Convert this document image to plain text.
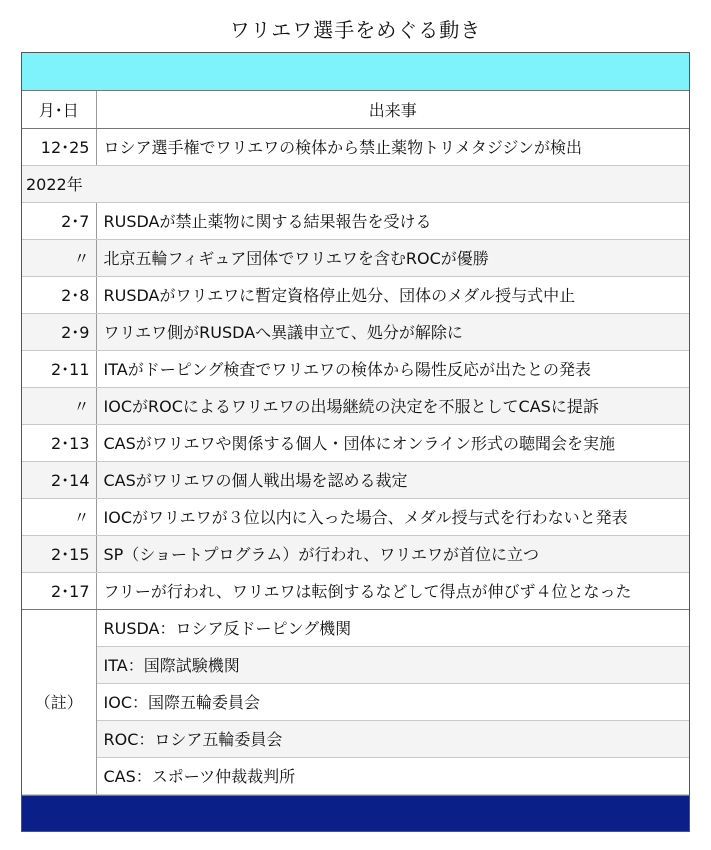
ワリエワ選手をめぐる動き
月･日	出来事
12･25	ロシア選手権でワリエワの検体から禁止薬物トリメタジジンが検出
2022年	
2･7	RUSDAが禁止薬物に関する結果報告を受ける
〃	北京五輪フィギュア団体でワリエワを含むROCが優勝
2･8	RUSDAがワリエワに暫定資格停止処分、団体のメダル授与式中止
2･9	ワリエワ側がRUSDAへ異議申立て、処分が解除に
2･11	ITAがドーピング検査でワリエワの検体から陽性反応が出たとの発表
〃	IOCがROCによるワリエワの出場継続の決定を不服としてCASに提訴
2･13	CASがワリエワや関係する個人・団体にオンライン形式の聴聞会を実施
2･14	CASがワリエワの個人戦出場を認める裁定
〃	IOCがワリエワが３位以内に入った場合、メダル授与式を行わないと発表
2･15	SP（ショートプログラム）が行われ、ワリエワが首位に立つ
2･17	フリーが行われ、ワリエワは転倒するなどして得点が伸びず４位となった
（註）	RUSDA：ロシア反ドーピング機関
	ITA：国際試験機関
	IOC：国際五輪委員会
	ROC：ロシア五輪委員会
	CAS：スポーツ仲裁裁判所
